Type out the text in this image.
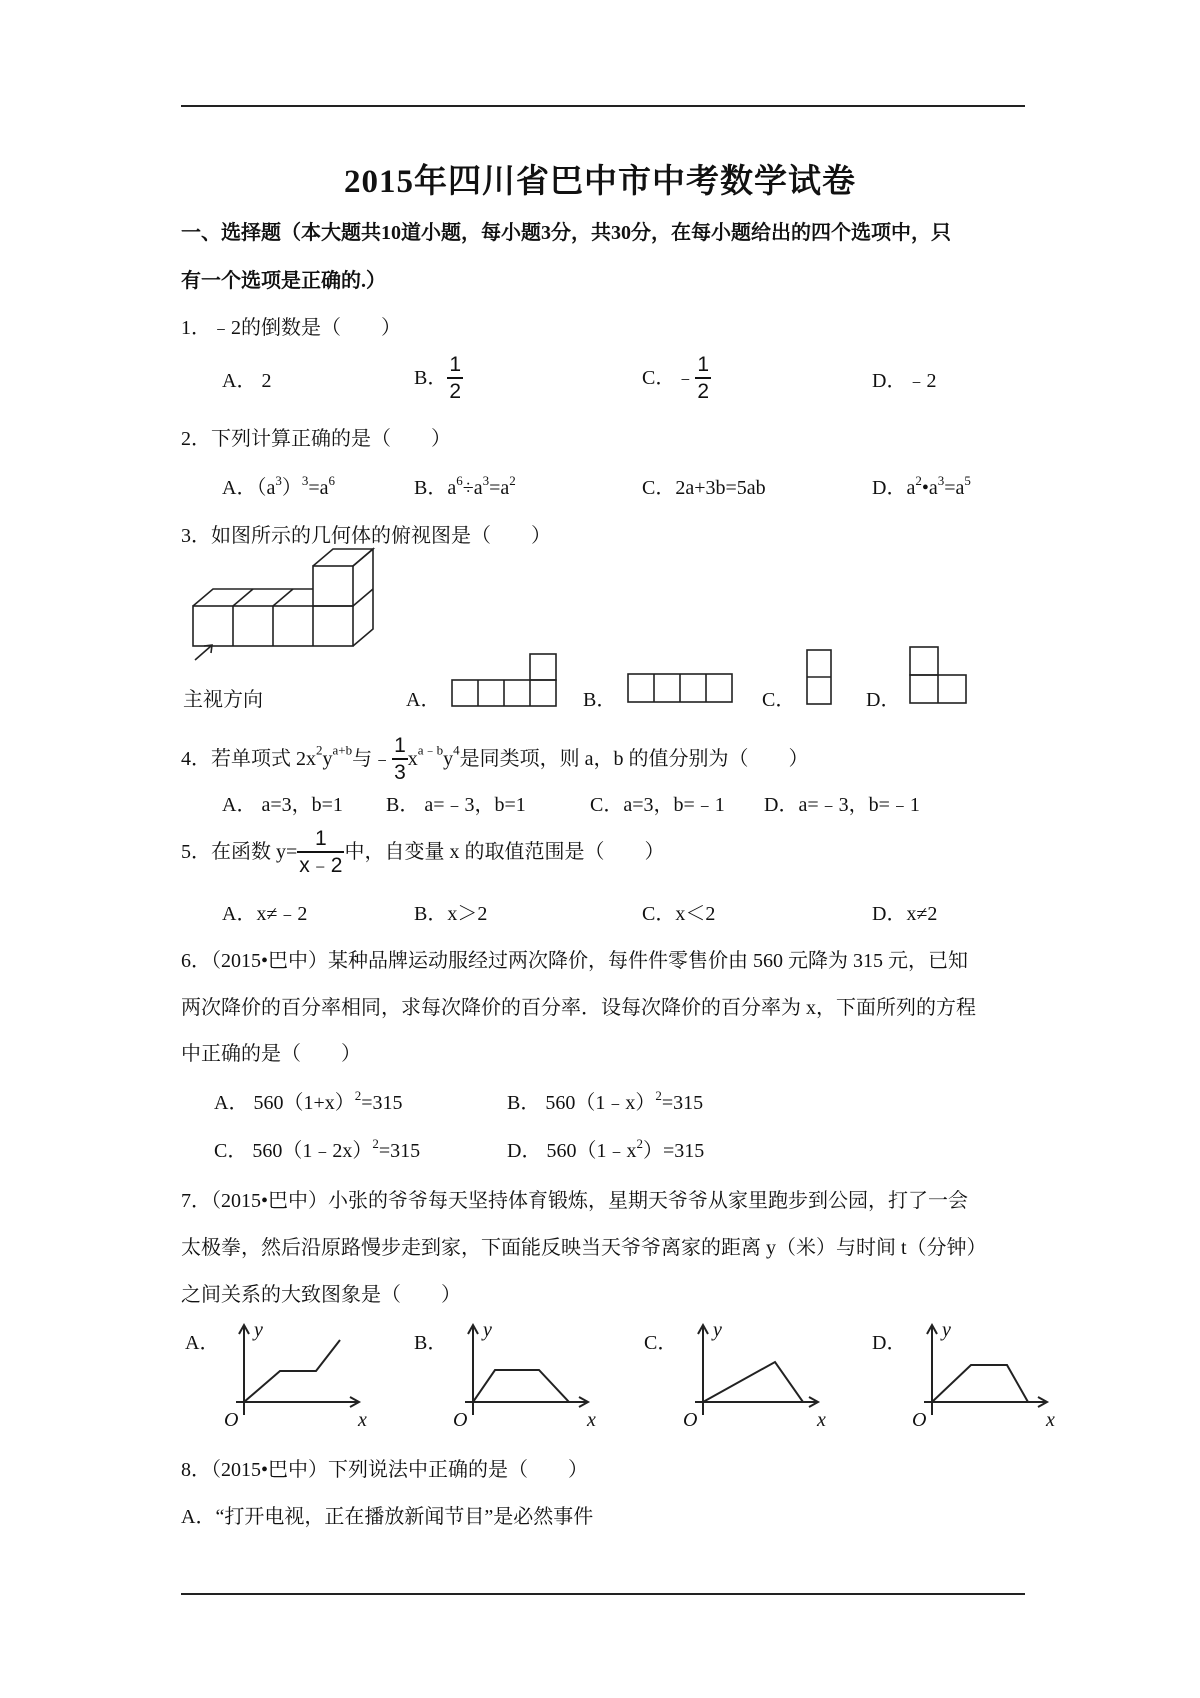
2015年四川省巴中市中考数学试卷
一、选择题（本大题共10道小题，每小题3分，共30分，在每小题给出的四个选项中，只
有一个选项是正确的.）
1．﹣2的倒数是（　　）
A． 2	B． $\frac{1}{2}$	C．﹣ $\frac{1}{2}$	D．﹣2
2．下列计算正确的是（　　）
A．$(a^3)^3=a^6$	B．$a^6\div a^3=a^2$	C．2a+3b=5ab	D．$a^2•a^3=a^5$
3．如图所示的几何体的俯视图是（　　）
主视方向	A．	B．	C．	D．
4．若单项式 $2x^2y^{a+b}$与﹣ $\frac{1}{3} x^{a﹣b}y^4$是同类项，则 a，b 的值分别为（　　）
A． a=3，b=1 B． a=﹣3，b=1	C．a=3，b=﹣1 D．a=﹣3，b=﹣1
5．在函数 $y= \frac{1}{x﹣2}$ 中，自变量 x 的取值范围是（　　）
A．x≠﹣2	B．x＞2	C．x＜2	D．x≠2
6．（2015•巴中）某种品牌运动服经过两次降价，每件件零售价由 560 元降为 315 元，已知
两次降价的百分率相同，求每次降价的百分率．设每次降价的百分率为 x，下面所列的方程
中正确的是（　　）
A． $560(1+x)^2=315$	B． 560（1﹣x）$^2$=315
C． 560（1﹣2x）$^2$=315	D． $560(1﹣x^2)=315$
7．（2015•巴中）小张的爷爷每天坚持体育锻炼，星期天爷爷从家里跑步到公园，打了一会
太极拳，然后沿原路慢步走到家，下面能反映当天爷爷离家的距离 y（米）与时间 t（分钟）
之间关系的大致图象是（　　）
A．
y
O	x
B．
y
O	x
C．
y
O	x
D．
y
O	x
8．（2015•巴中）下列说法中正确的是（　　）
A．“打开电视，正在播放新闻节目”是必然事件
